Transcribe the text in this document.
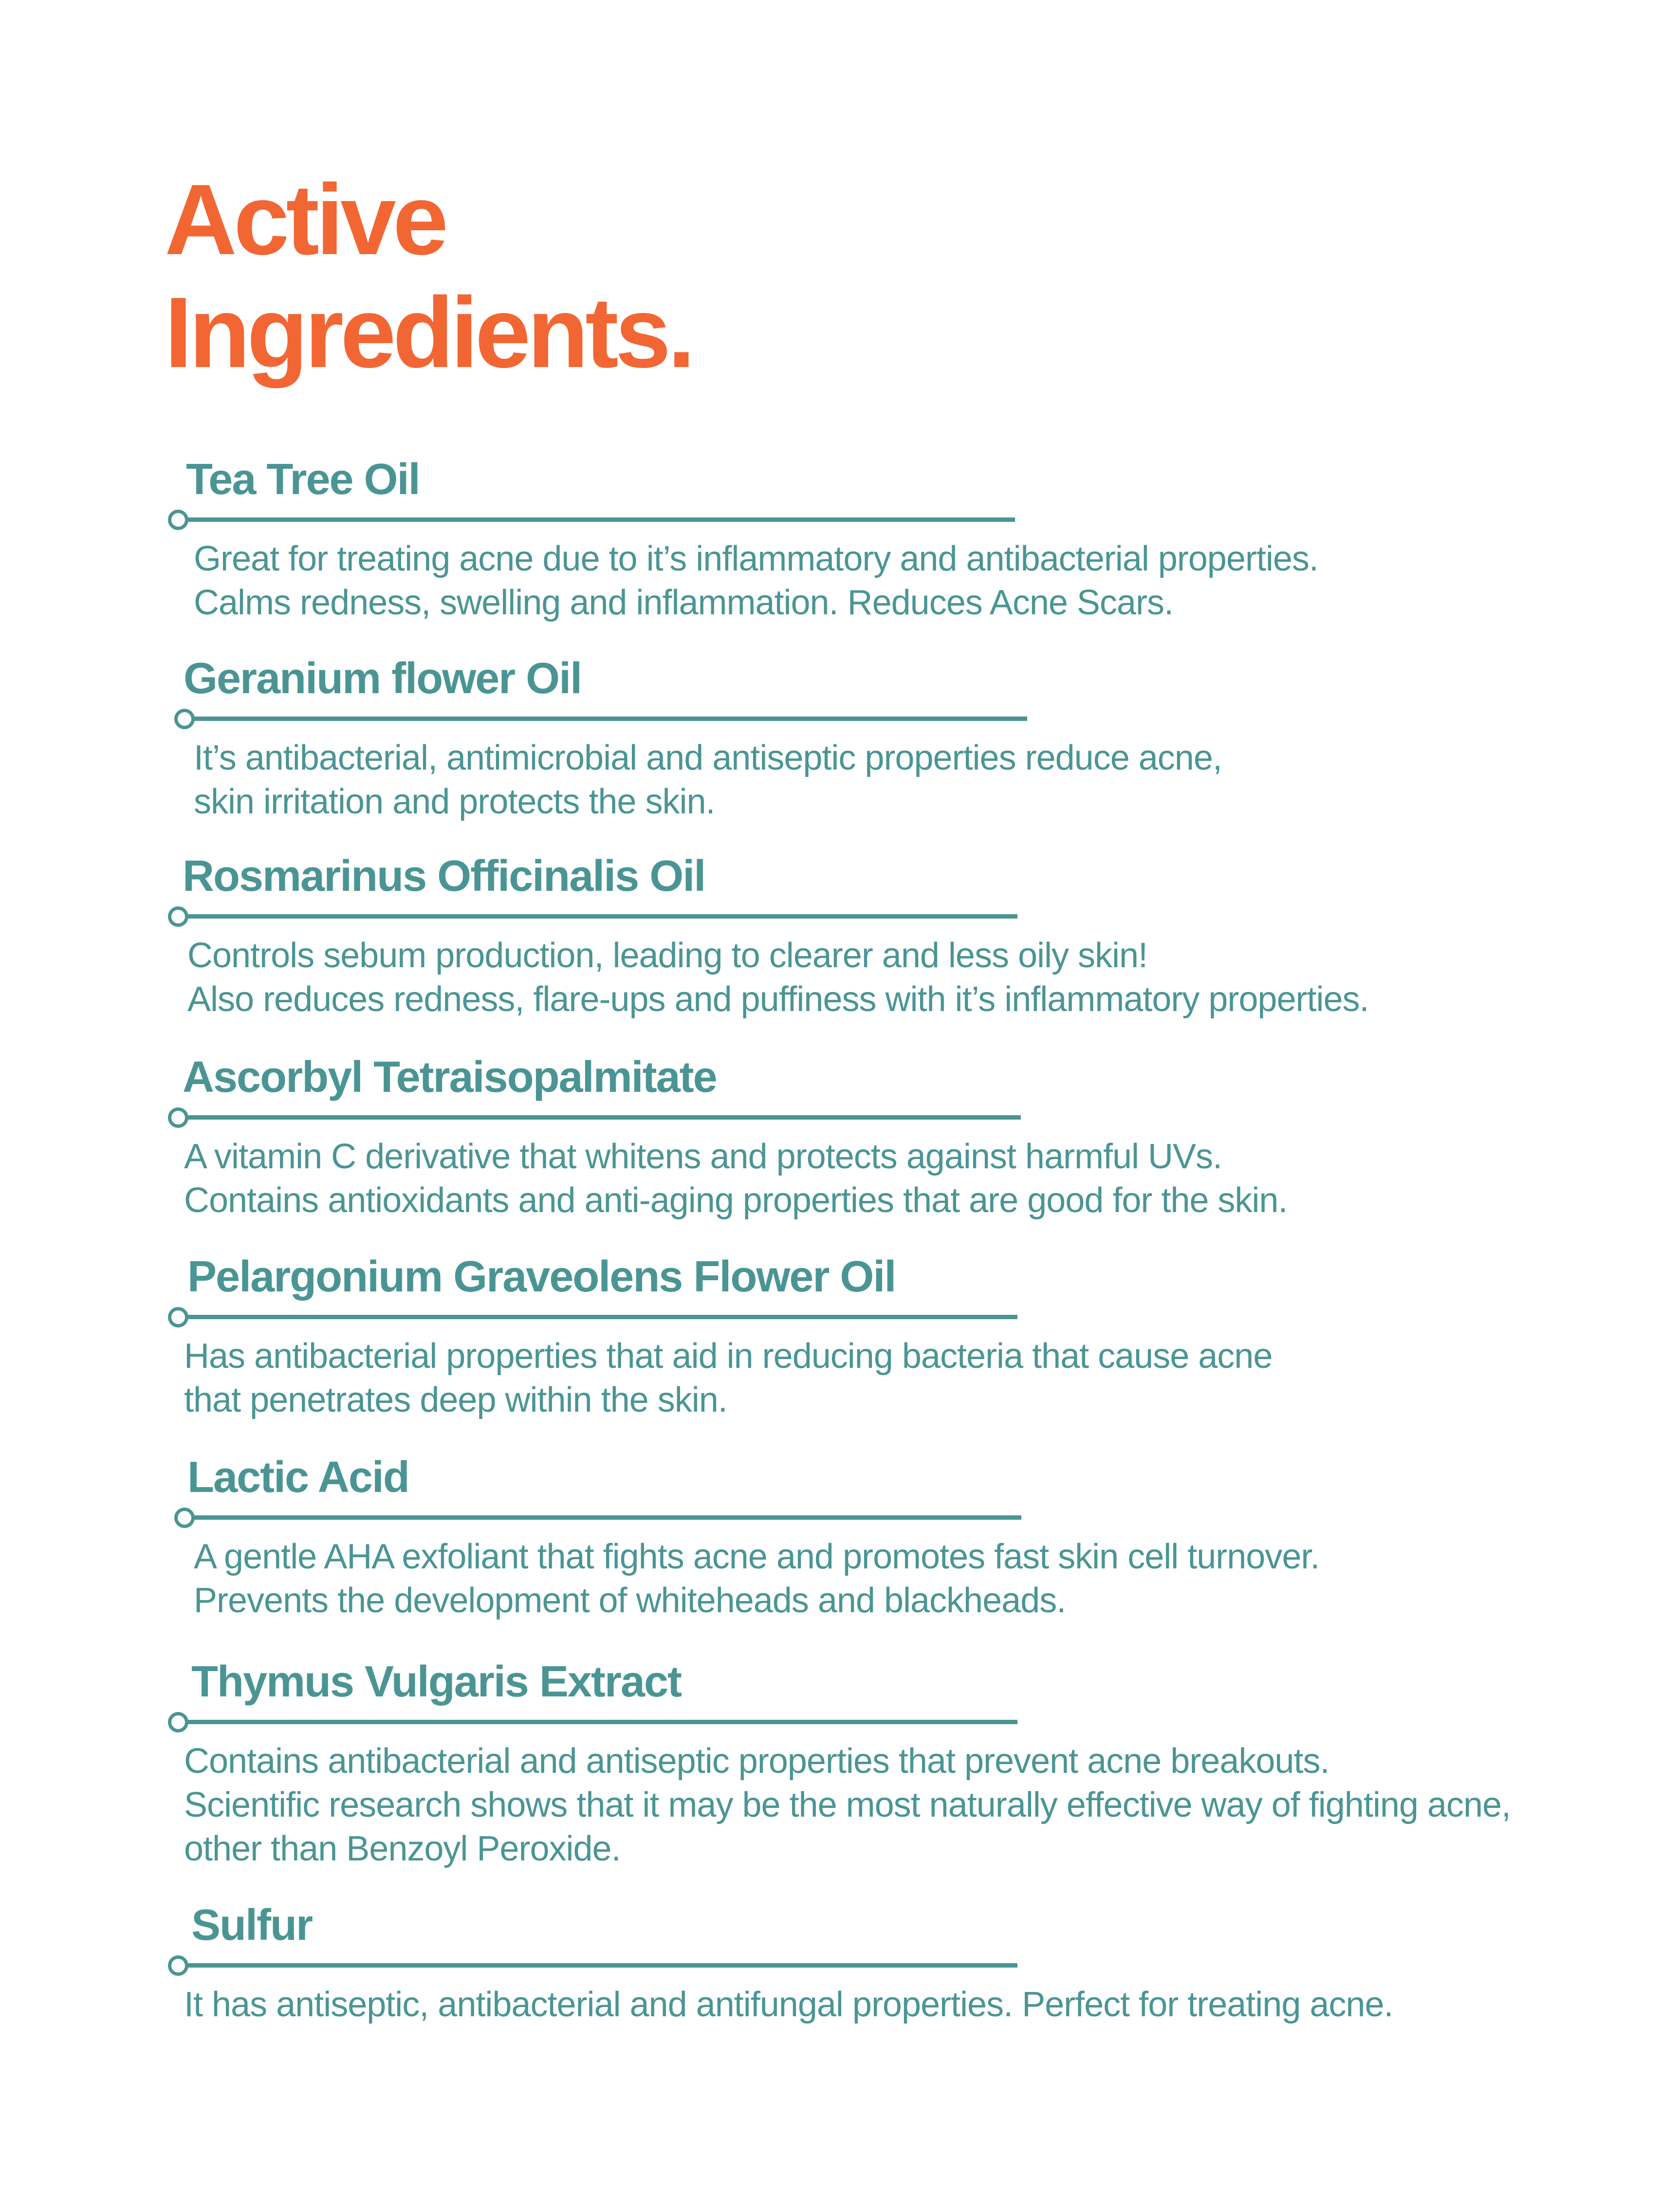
Active
Ingredients.
Tea Tree Oil

Great for treating acne due to it’s inflammatory and antibacterial properties.
Calms redness, swelling and inflammation. Reduces Acne Scars.

Geranium flower Oil

It’s antibacterial, antimicrobial and antiseptic properties reduce acne,
skin irritation and protects the skin.

Rosmarinus Officinalis Oil

Controls sebum production, leading to clearer and less oily skin!
Also reduces redness, flare-ups and puffiness with it’s inflammatory properties.

Ascorbyl Tetraisopalmitate

A vitamin C derivative that whitens and protects against harmful UVs.
Contains antioxidants and anti-aging properties that are good for the skin.

Pelargonium Graveolens Flower Oil

Has antibacterial properties that aid in reducing bacteria that cause acne
that penetrates deep within the skin.

Lactic Acid

A gentle AHA exfoliant that fights acne and promotes fast skin cell turnover.
Prevents the development of whiteheads and blackheads.

Thymus Vulgaris Extract

Contains antibacterial and antiseptic properties that prevent acne breakouts.
Scientific research shows that it may be the most naturally effective way of fighting acne,
other than Benzoyl Peroxide.

Sulfur

It has antiseptic, antibacterial and antifungal properties. Perfect for treating acne.
